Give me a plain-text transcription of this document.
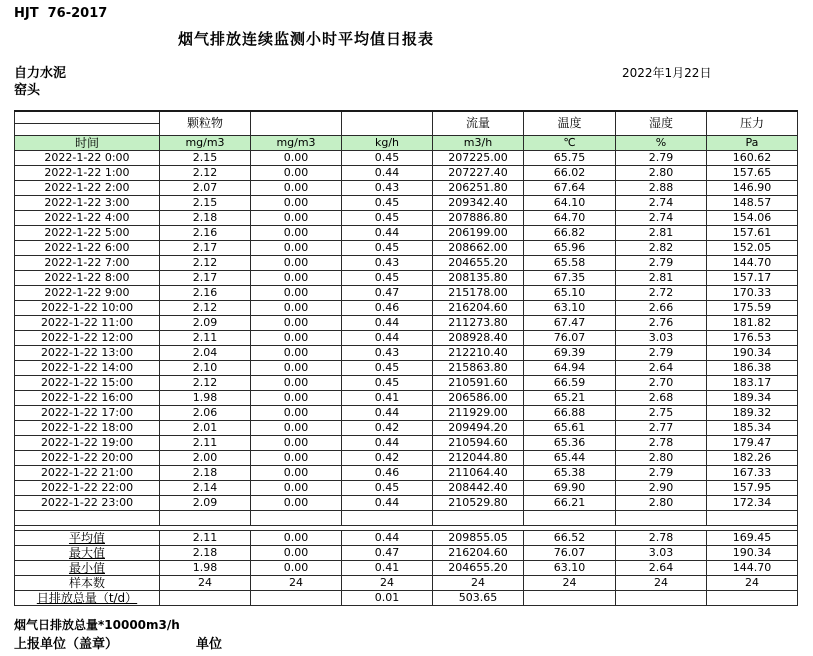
HJT  76-2017
烟气排放连续监测小时平均值日报表
自力水泥	2022年1月22日
窑头
	颗粒物			流量	温度	湿度	压力

时间	mg/m3	mg/m3	kg/h	m3/h	℃	%	Pa
2022-1-22 0:00	2.15	0.00	0.45	207225.00	65.75	2.79	160.62
2022-1-22 1:00	2.12	0.00	0.44	207227.40	66.02	2.80	157.65
2022-1-22 2:00	2.07	0.00	0.43	206251.80	67.64	2.88	146.90
2022-1-22 3:00	2.15	0.00	0.45	209342.40	64.10	2.74	148.57
2022-1-22 4:00	2.18	0.00	0.45	207886.80	64.70	2.74	154.06
2022-1-22 5:00	2.16	0.00	0.44	206199.00	66.82	2.81	157.61
2022-1-22 6:00	2.17	0.00	0.45	208662.00	65.96	2.82	152.05
2022-1-22 7:00	2.12	0.00	0.43	204655.20	65.58	2.79	144.70
2022-1-22 8:00	2.17	0.00	0.45	208135.80	67.35	2.81	157.17
2022-1-22 9:00	2.16	0.00	0.47	215178.00	65.10	2.72	170.33
2022-1-22 10:00	2.12	0.00	0.46	216204.60	63.10	2.66	175.59
2022-1-22 11:00	2.09	0.00	0.44	211273.80	67.47	2.76	181.82
2022-1-22 12:00	2.11	0.00	0.44	208928.40	76.07	3.03	176.53
2022-1-22 13:00	2.04	0.00	0.43	212210.40	69.39	2.79	190.34
2022-1-22 14:00	2.10	0.00	0.45	215863.80	64.94	2.64	186.38
2022-1-22 15:00	2.12	0.00	0.45	210591.60	66.59	2.70	183.17
2022-1-22 16:00	1.98	0.00	0.41	206586.00	65.21	2.68	189.34
2022-1-22 17:00	2.06	0.00	0.44	211929.00	66.88	2.75	189.32
2022-1-22 18:00	2.01	0.00	0.42	209494.20	65.61	2.77	185.34
2022-1-22 19:00	2.11	0.00	0.44	210594.60	65.36	2.78	179.47
2022-1-22 20:00	2.00	0.00	0.42	212044.80	65.44	2.80	182.26
2022-1-22 21:00	2.18	0.00	0.46	211064.40	65.38	2.79	167.33
2022-1-22 22:00	2.14	0.00	0.45	208442.40	69.90	2.90	157.95
2022-1-22 23:00	2.09	0.00	0.44	210529.80	66.21	2.80	172.34

平均值	2.11	0.00	0.44	209855.05	66.52	2.78	169.45
最大值	2.18	0.00	0.47	216204.60	76.07	3.03	190.34
最小值	1.98	0.00	0.41	204655.20	63.10	2.64	144.70
样本数	24	24	24	24	24	24	24
日排放总量（t/d）			0.01	503.65			
烟气日排放总量*10000m3/h
上报单位（盖章）	单位
